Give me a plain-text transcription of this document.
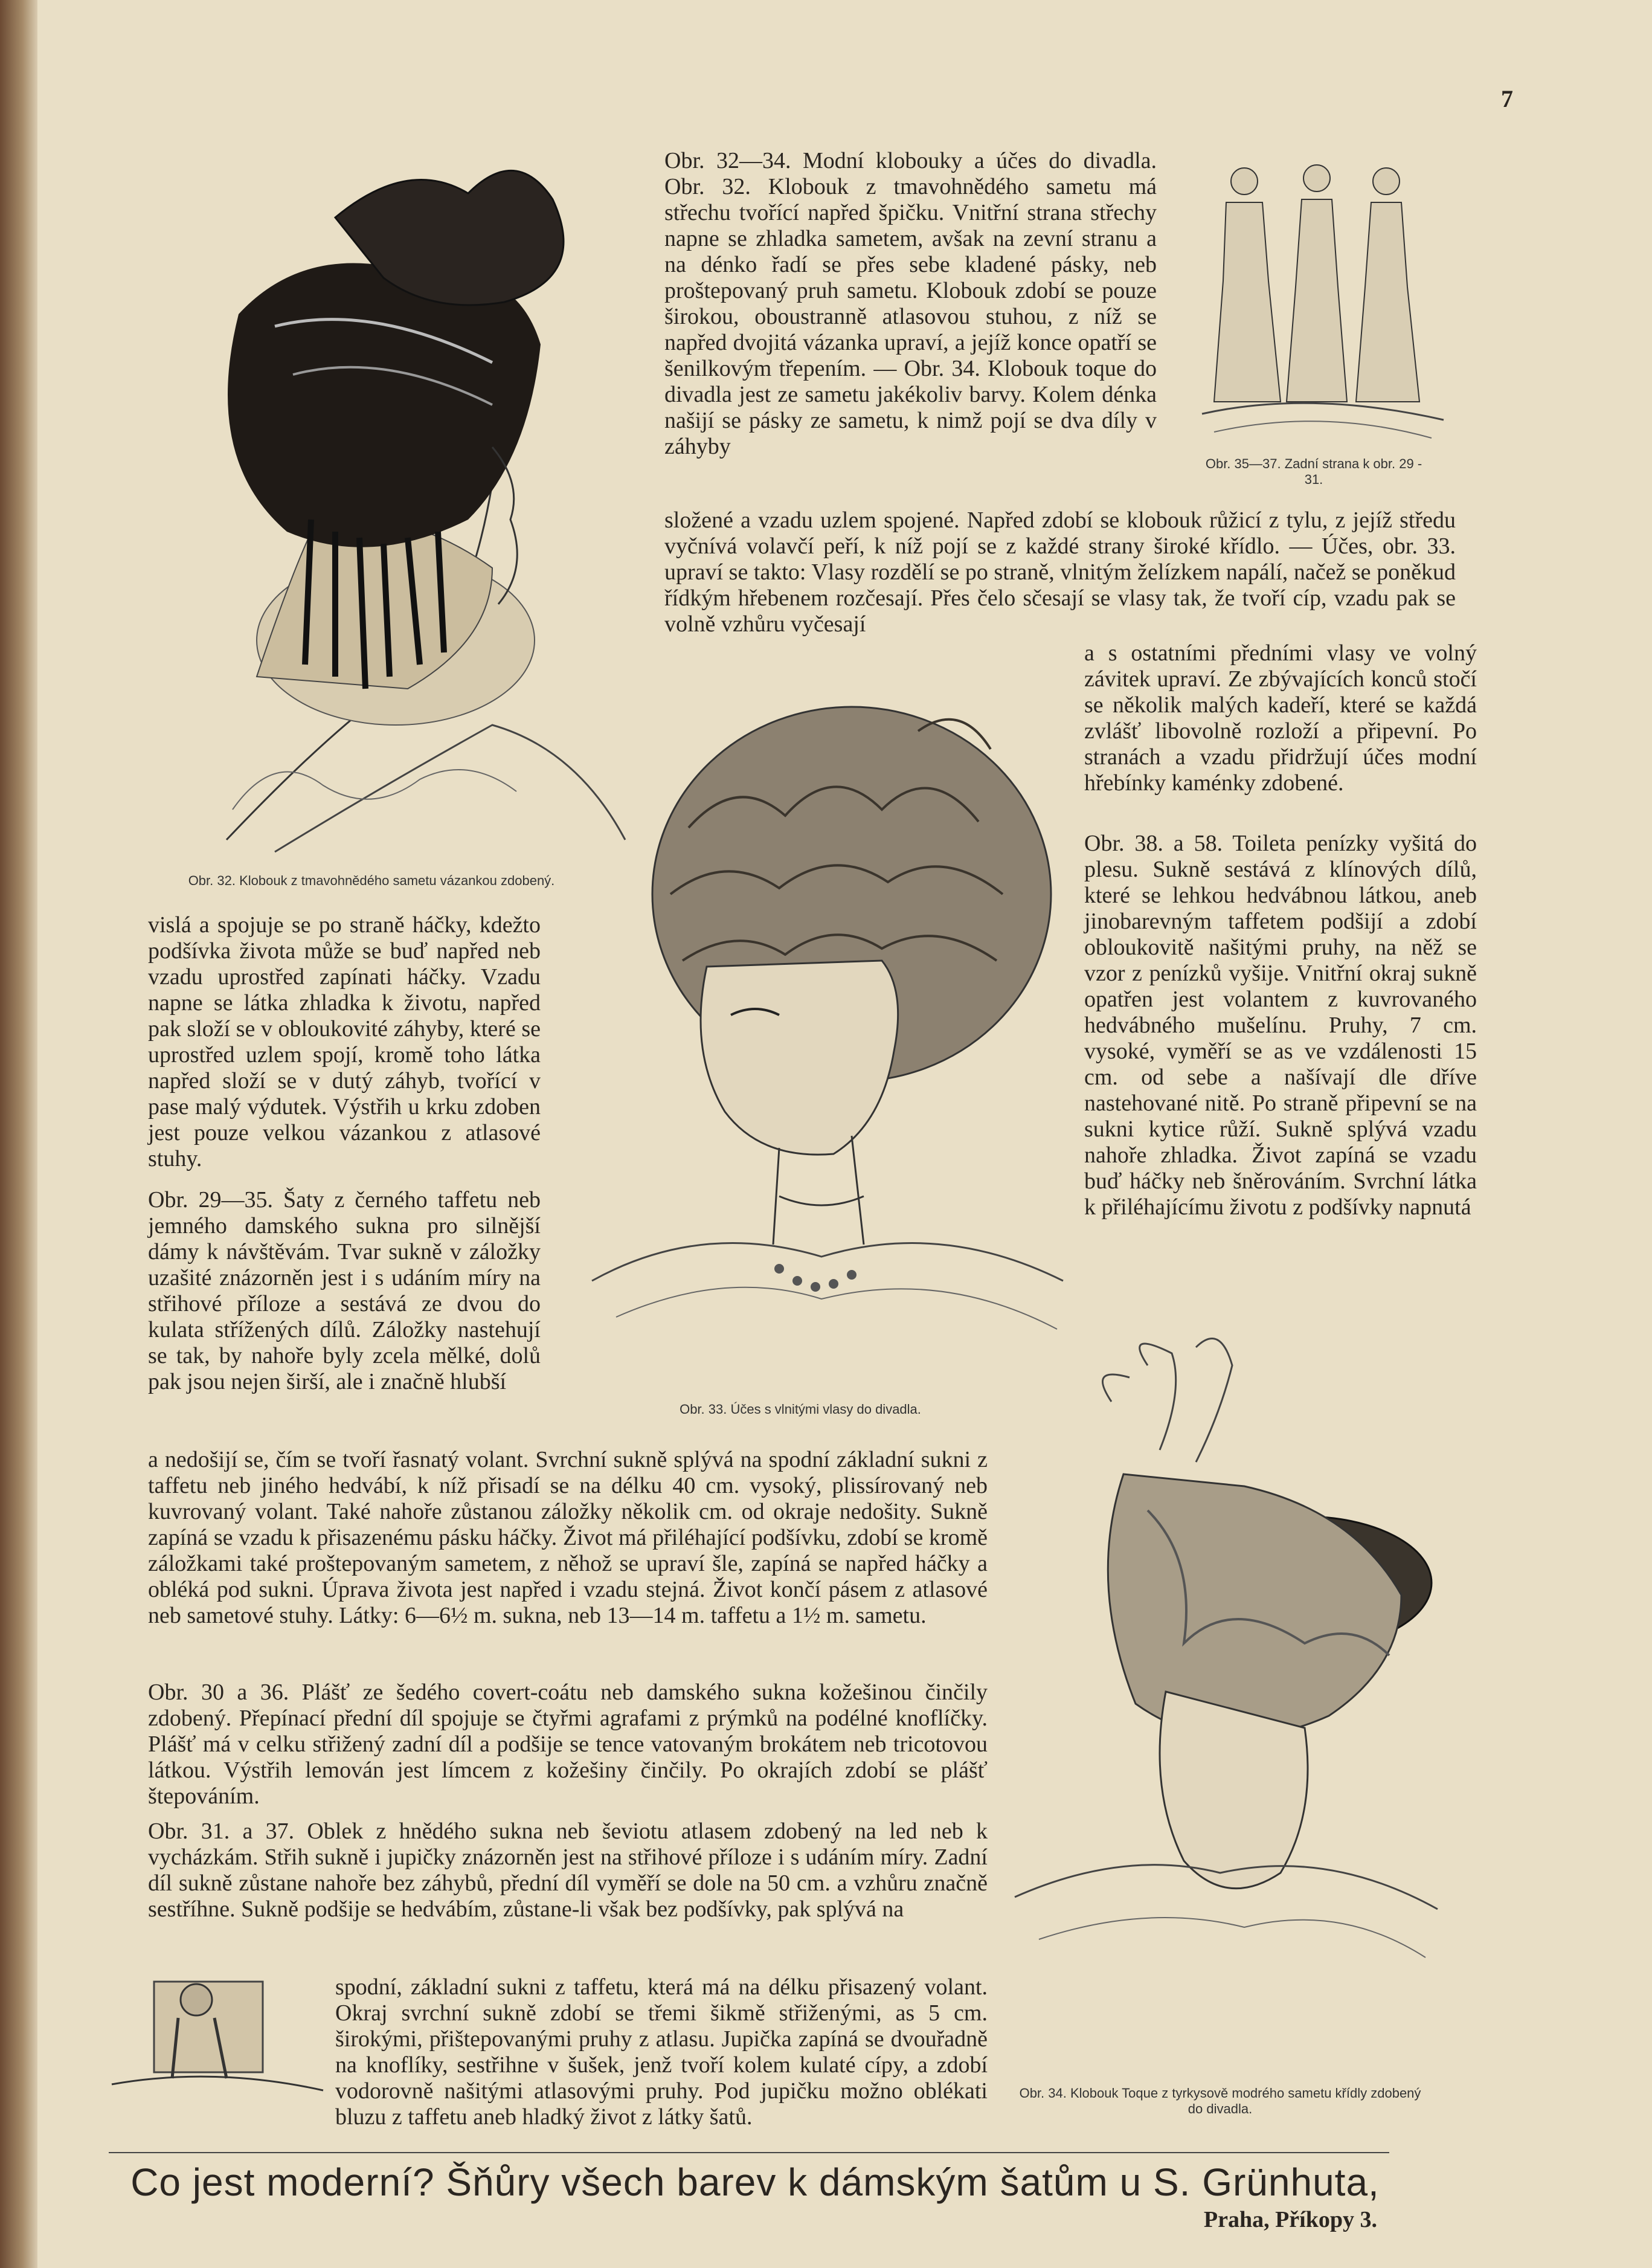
7
Obr. 32. Klobouk z tmavohnědého sametu vázankou zdobený.

Obr. 32—34. Modní klobouky a účes do divadla. Obr. 32. Klobouk z tmavohnědého sametu má střechu tvořící napřed špičku. Vnitřní strana střechy napne se zhladka sametem, avšak na zevní stranu a na dénko řadí se přes sebe kladené pásky, neb proštepovaný pruh sametu. Klobouk zdobí se pouze širokou, oboustranně atlasovou stuhou, z níž se napřed dvojitá vázanka upraví, a jejíž konce opatří se šenilkovým třepením. — Obr. 34. Klobouk toque do divadla jest ze sametu jakékoliv barvy. Kolem dénka našijí se pásky ze sametu, k nimž pojí se dva díly v záhyby

Obr. 35—37. Zadní strana k obr. 29 - 31.

složené a vzadu uzlem spojené. Napřed zdobí se klobouk růžicí z tylu, z jejíž středu vyčnívá volavčí peří, k níž pojí se z každé strany široké křídlo. — Účes, obr. 33. upraví se takto: Vlasy rozdělí se po straně, vlnitým želízkem napálí, načež se poněkud řídkým hřebenem rozčesají. Přes čelo sčesají se vlasy tak, že tvoří cíp, vzadu pak se volně vzhůru vyčesají

a s ostatními předními vlasy ve volný závitek upraví. Ze zbývajících konců stočí se několik malých kadeří, které se každá zvlášť libovolně rozloží a připevní. Po stranách a vzadu přidržují účes modní hřebínky kaménky zdobené.

Obr. 38. a 58. Toileta penízky vyšitá do plesu. Sukně sestává z klínových dílů, které se lehkou hedvábnou látkou, aneb jinobarevným taffetem podšijí a zdobí obloukovitě našitými pruhy, na něž se vzor z penízků vyšije. Vnitřní okraj sukně opatřen jest volantem z kuvrovaného hedvábného mušelínu. Pruhy, 7 cm. vysoké, vyměří se as ve vzdálenosti 15 cm. od sebe a našívají dle dříve nastehované nitě. Po straně připevní se na sukni kytice růží. Sukně splývá vzadu nahoře zhladka. Život zapíná se vzadu buď háčky neb šněrováním. Svrchní látka k přiléhajícímu životu z podšívky napnutá

vislá a spojuje se po straně háčky, kdežto podšívka života může se buď napřed neb vzadu uprostřed zapínati háčky. Vzadu napne se látka zhladka k životu, napřed pak složí se v obloukovité záhyby, které se uprostřed uzlem spojí, kromě toho látka napřed složí se v dutý záhyb, tvořící v pase malý výdutek. Výstřih u krku zdoben jest pouze velkou vázankou z atlasové stuhy.

Obr. 29—35. Šaty z černého taffetu neb jemného damského sukna pro silnější dámy k návštěvám. Tvar sukně v záložky uzašité znázorněn jest i s udáním míry na střihové příloze a sestává ze dvou do kulata střížených dílů. Záložky nastehují se tak, by nahoře byly zcela mělké, dolů pak jsou nejen širší, ale i značně hlubší

Obr. 33. Účes s vlnitými vlasy do divadla.

a nedošijí se, čím se tvoří řasnatý volant. Svrchní sukně splývá na spodní základní sukni z taffetu neb jiného hedvábí, k níž přisadí se na délku 40 cm. vysoký, plissírovaný neb kuvrovaný volant. Také nahoře zůstanou záložky několik cm. od okraje nedošity. Sukně zapíná se vzadu k přisazenému pásku háčky. Život má přiléhající podšívku, zdobí se kromě záložkami také proštepovaným sametem, z něhož se upraví šle, zapíná se napřed háčky a obléká pod sukni. Úprava života jest napřed i vzadu stejná. Život končí pásem z atlasové neb sametové stuhy. Látky: 6—6½ m. sukna, neb 13—14 m. taffetu a 1½ m. sametu.

Obr. 30 a 36. Plášť ze šedého covert-coátu neb damského sukna kožešinou činčily zdobený. Přepínací přední díl spojuje se čtyřmi agrafami z prýmků na podélné knoflíčky. Plášť má v celku střižený zadní díl a podšije se tence vatovaným brokátem neb tricotovou látkou. Výstřih lemován jest límcem z kožešiny činčily. Po okrajích zdobí se plášť štepováním.

Obr. 31. a 37. Oblek z hnědého sukna neb ševiotu atlasem zdobený na led neb k vycházkám. Střih sukně i jupičky znázorněn jest na střihové příloze i s udáním míry. Zadní díl sukně zůstane nahoře bez záhybů, přední díl vyměří se dole na 50 cm. a vzhůru značně sestříhne. Sukně podšije se hedvábím, zůstane-li však bez podšívky, pak splývá na

spodní, základní sukni z taffetu, která má na délku přisazený volant. Okraj svrchní sukně zdobí se třemi šikmě střiženými, as 5 cm. širokými, přištepovanými pruhy z atlasu. Jupička zapíná se dvouřadně na knoflíky, sestřihne v šušek, jenž tvoří kolem kulaté cípy, a zdobí vodorovně našitými atlasovými pruhy. Pod jupičku možno oblékati bluzu z taffetu aneb hladký život z látky šatů.

Obr. 34. Klobouk Toque z tyrkysově modrého sametu křídly zdobený do divadla.
Co jest moderní? Šňůry všech barev k dámským šatům u S. Grünhuta,
Praha, Příkopy 3.
